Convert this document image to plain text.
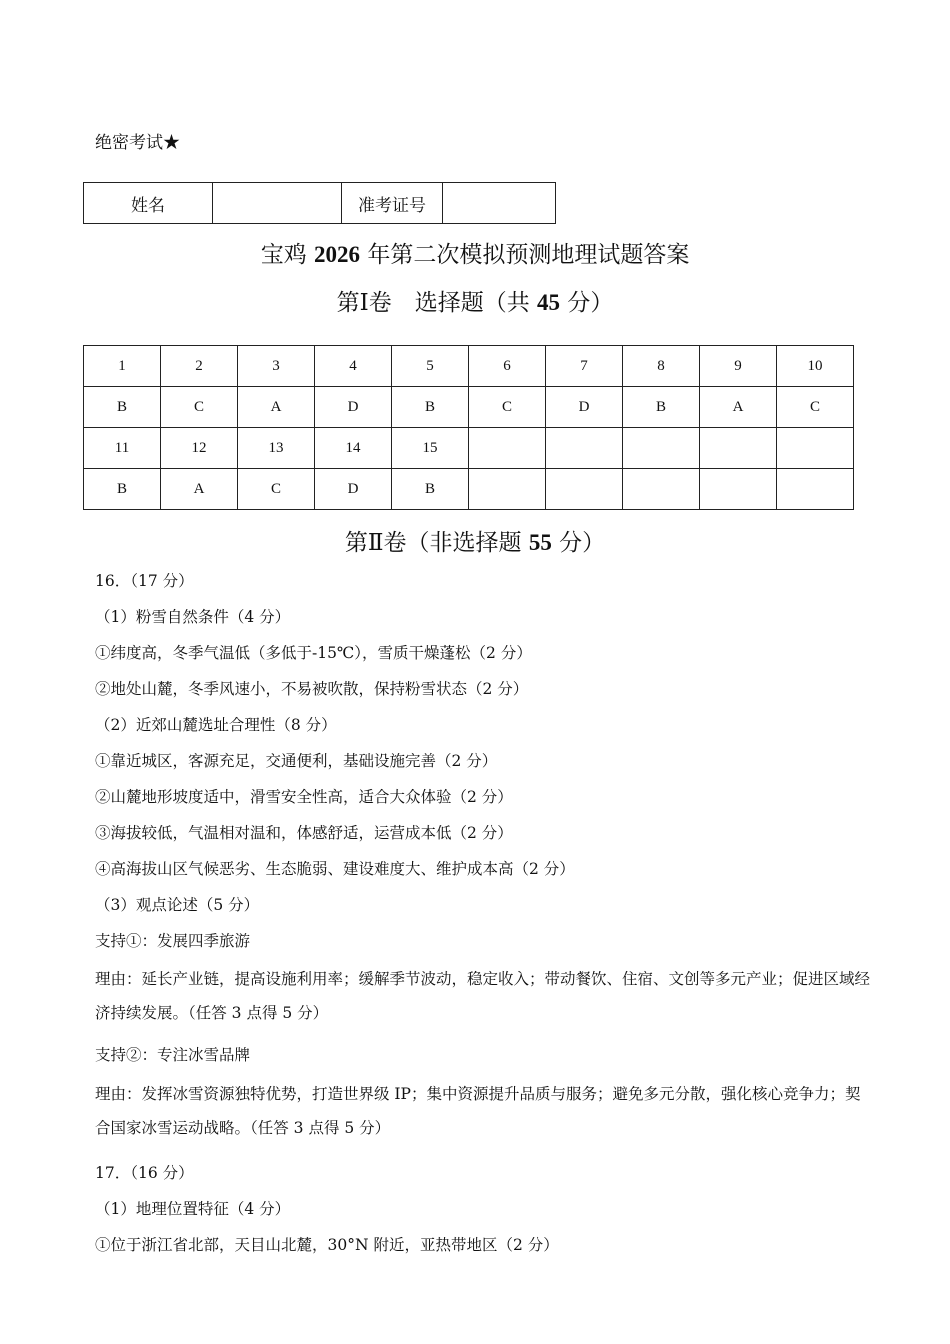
绝密考试★
姓名		准考证号	
宝鸡 2026 年第二次模拟预测地理试题答案
第Ⅰ卷　选择题（共 45 分）
1	2	3	4	5	6	7	8	9	10
B	C	A	D	B	C	D	B	A	C
11	12	13	14	15					
B	A	C	D	B					
第Ⅱ卷（非选择题 55 分）
16．（17 分）
（1）粉雪自然条件（4 分）
①纬度高，冬季气温低（多低于-15℃），雪质干燥蓬松（2 分）
②地处山麓，冬季风速小，不易被吹散，保持粉雪状态（2 分）
（2）近郊山麓选址合理性（8 分）
①靠近城区，客源充足，交通便利，基础设施完善（2 分）
②山麓地形坡度适中，滑雪安全性高，适合大众体验（2 分）
③海拔较低，气温相对温和，体感舒适，运营成本低（2 分）
④高海拔山区气候恶劣、生态脆弱、建设难度大、维护成本高（2 分）
（3）观点论述（5 分）
支持①：发展四季旅游
理由：延长产业链，提高设施利用率；缓解季节波动，稳定收入；带动餐饮、住宿、文创等多元产业；促进区域经济持续发展。（任答 3 点得 5 分）
支持②：专注冰雪品牌
理由：发挥冰雪资源独特优势，打造世界级 IP；集中资源提升品质与服务；避免多元分散，强化核心竞争力；契合国家冰雪运动战略。（任答 3 点得 5 分）
17．（16 分）
（1）地理位置特征（4 分）
①位于浙江省北部，天目山北麓，30°N 附近，亚热带地区（2 分）
